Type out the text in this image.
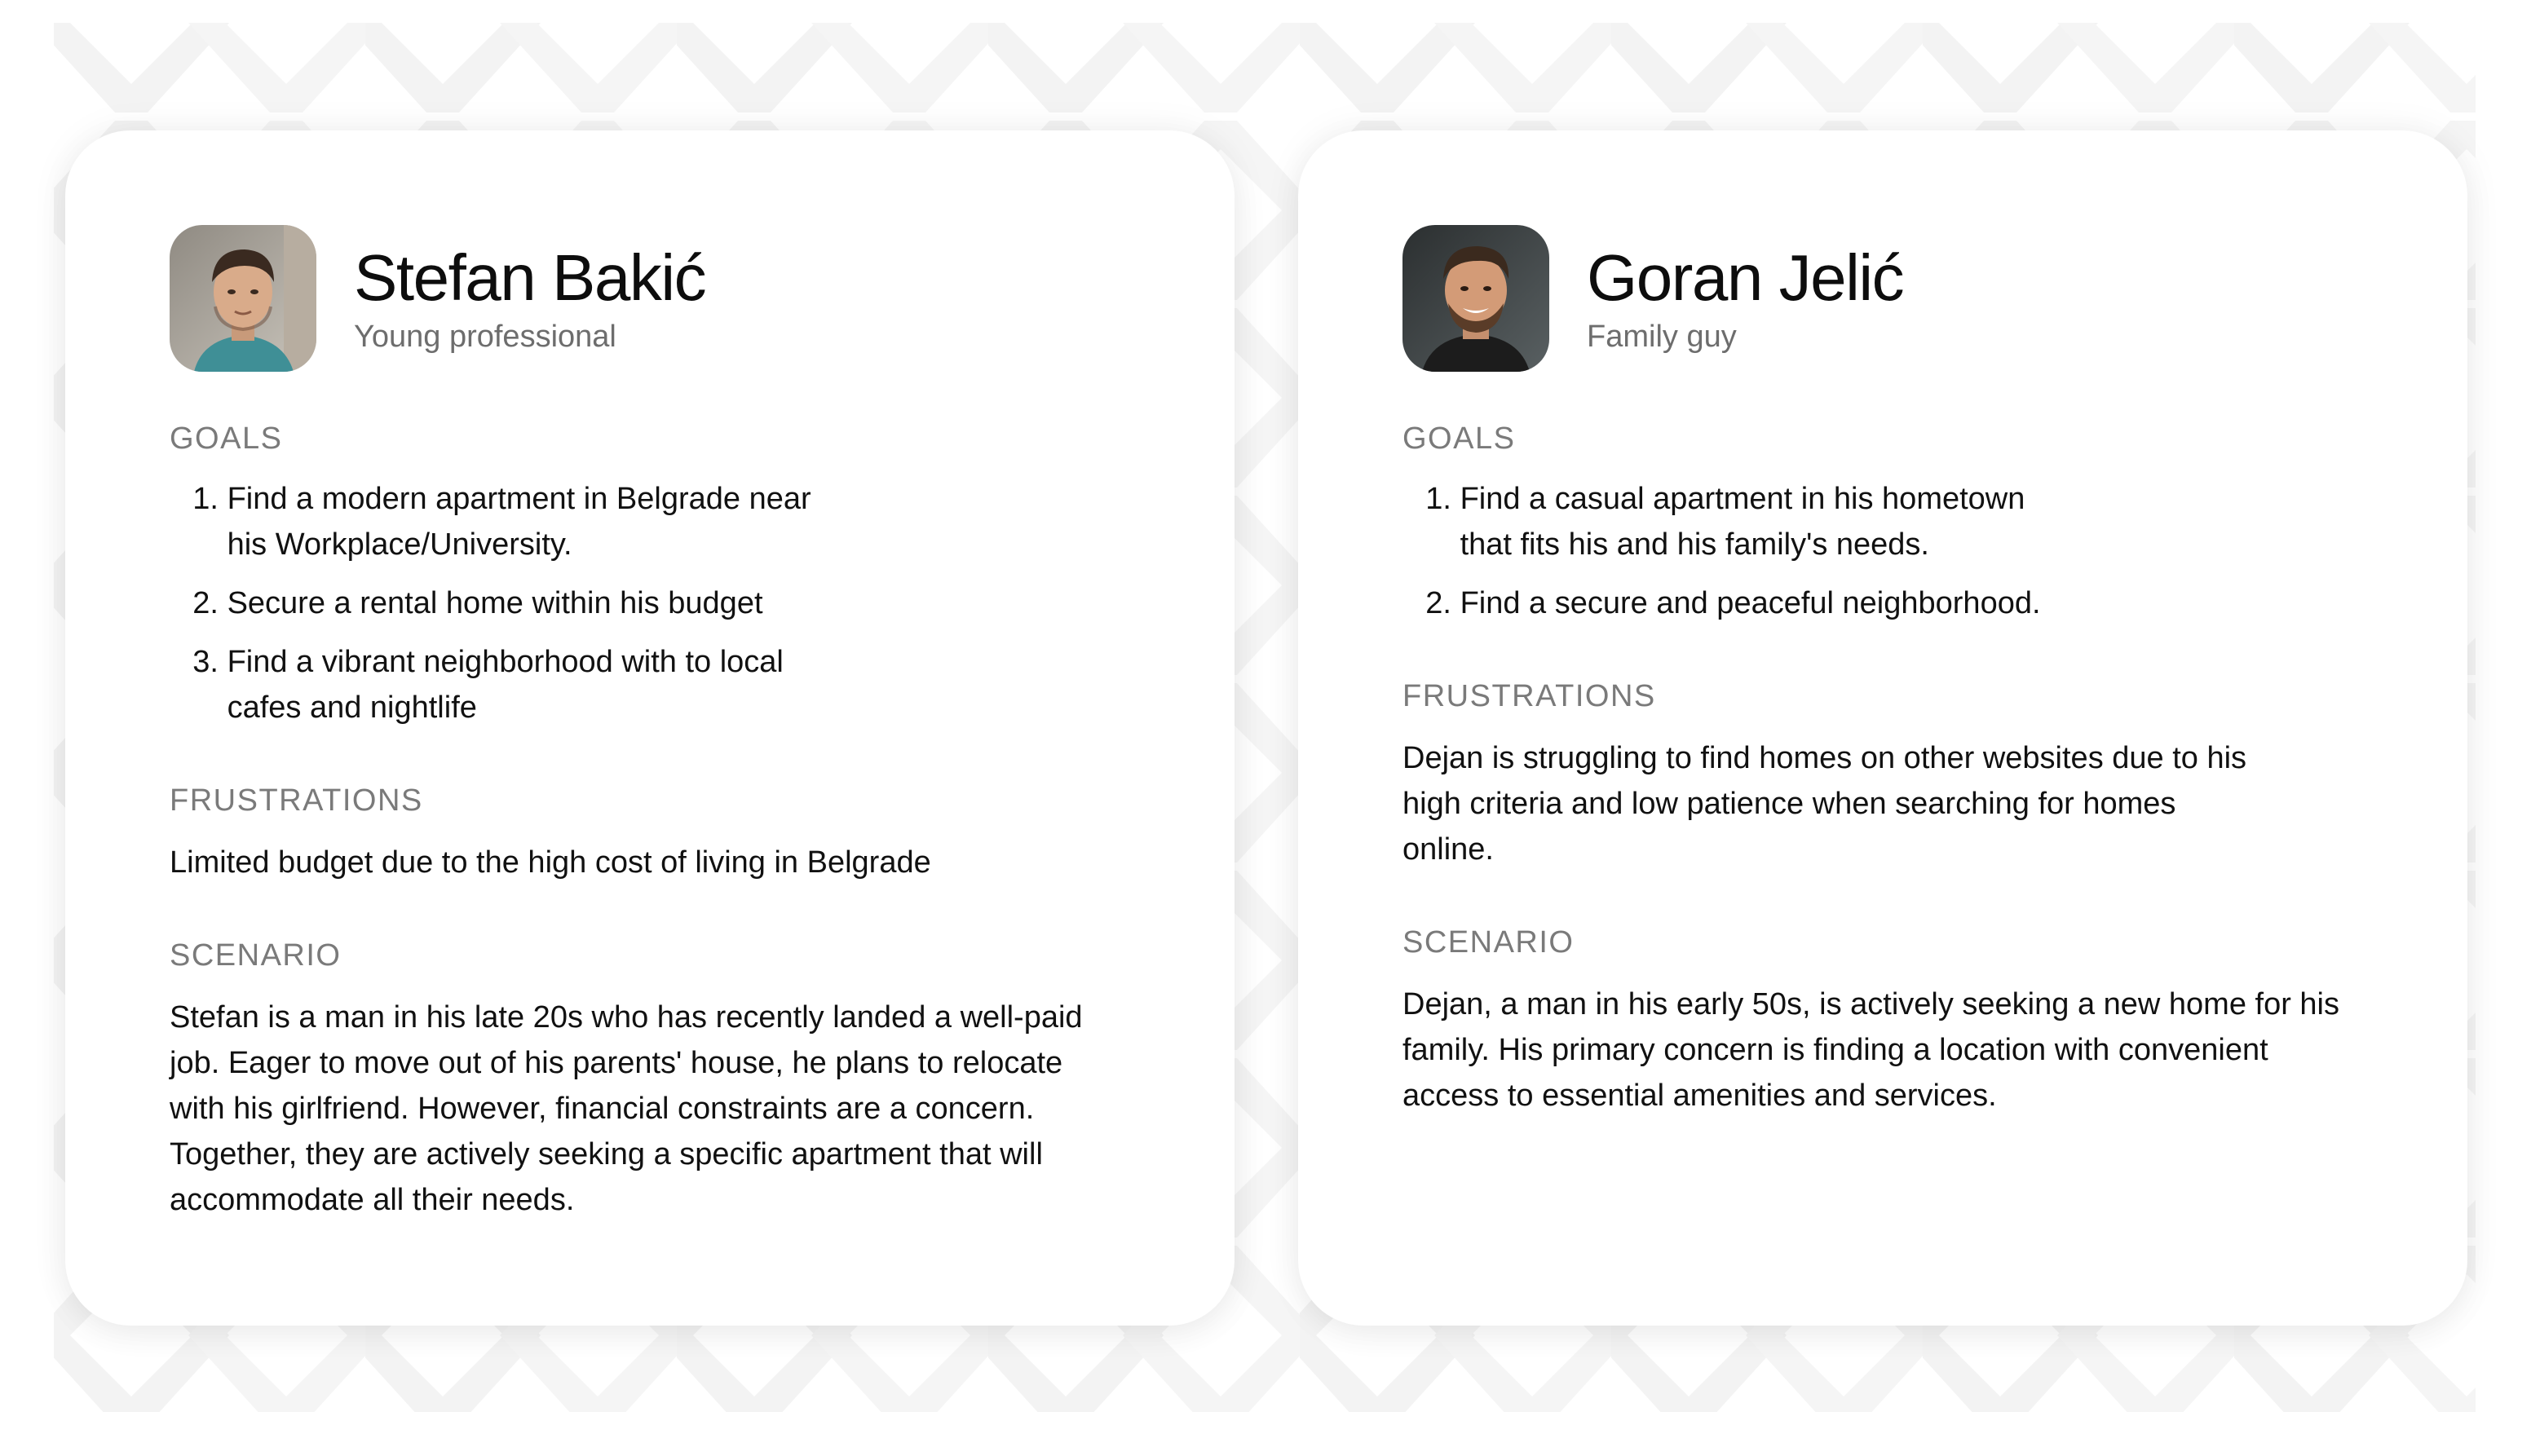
Stefan Bakić
Young professional
GOALS
1. Find a modern apartment in Belgrade near
his Workplace/University.
2. Secure a rental home within his budget
3. Find a vibrant neighborhood with to local
cafes and nightlife
FRUSTRATIONS
Limited budget due to the high cost of living in Belgrade
SCENARIO
Stefan is a man in his late 20s who has recently landed a well-paid
job. Eager to move out of his parents' house, he plans to relocate
with his girlfriend. However, financial constraints are a concern.
Together, they are actively seeking a specific apartment that will
accommodate all their needs.
Goran Jelić
Family guy
GOALS
1. Find a casual apartment in his hometown
that fits his and his family's needs.
2. Find a secure and peaceful neighborhood.
FRUSTRATIONS
Dejan is struggling to find homes on other websites due to his
high criteria and low patience when searching for homes
online.
SCENARIO
Dejan, a man in his early 50s, is actively seeking a new home for his
family. His primary concern is finding a location with convenient
access to essential amenities and services.
